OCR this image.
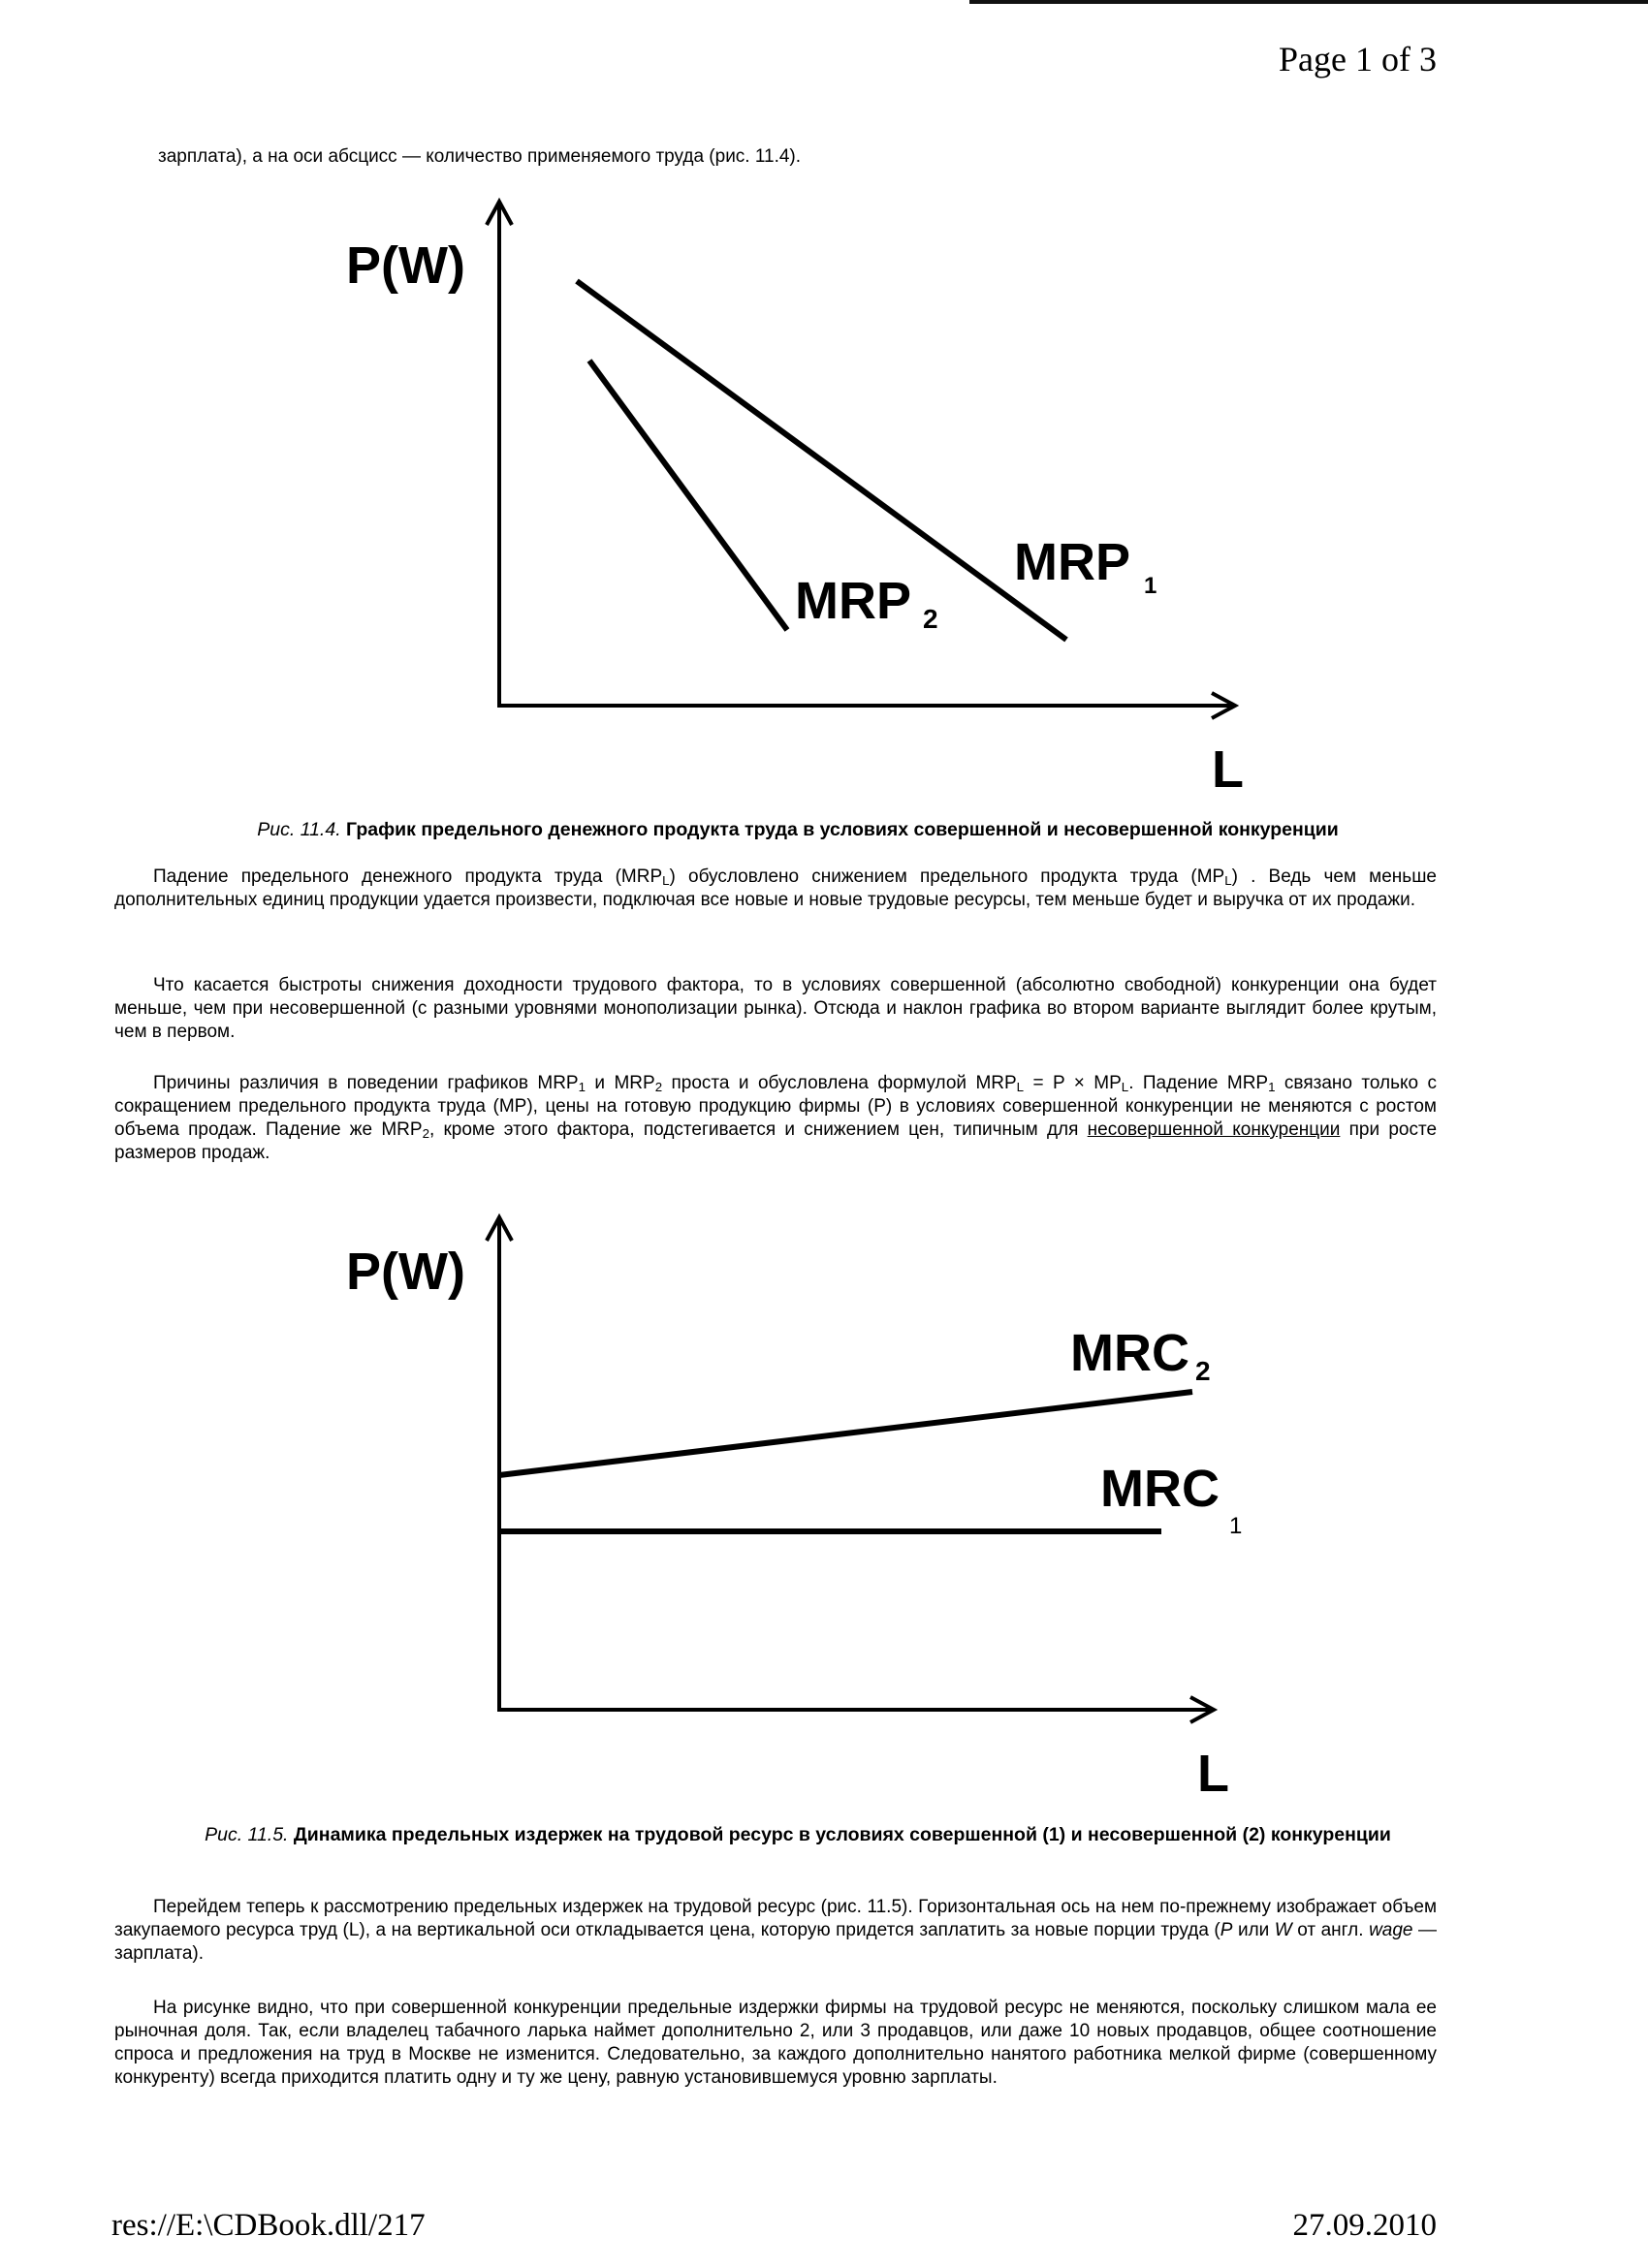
Page 1 of 3
зарплата), а на оси абсцисс — количество применяемого труда (рис. 11.4).
P(W)
L
MRP 1
MRP 2
Рис. 11.4. График предельного денежного продукта труда в условиях совершенной и несовершенной конкуренции

Падение предельного денежного продукта труда $(MRP_L)$ обусловлено снижением предельного продукта труда $(MP_L)$ . Ведь чем меньше дополнительных единиц продукции удается произвести, подключая все новые и новые трудовые ресурсы, тем меньше будет и выручка от их продажи.

Что касается быстроты снижения доходности трудового фактора, то в условиях совершенной (абсолютно свободной) конкуренции она будет меньше, чем при несовершенной (с разными уровнями монополизации рынка). Отсюда и наклон графика во втором варианте выглядит более крутым, чем в первом.

Причины различия в поведении графиков $MRP_1$ и $MRP_2$ проста и обусловлена формулой $MRP_L = P \times MP_L$. Падение $MRP_1$ связано только с сокращением предельного продукта труда (MP), цены на готовую продукцию фирмы (P) в условиях совершенной конкуренции не меняются с ростом объема продаж. Падение же $MRP_2$, кроме этого фактора, подстегивается и снижением цен, типичным для несовершенной конкуренции при росте размеров продаж.

P(W)
L
MRC 2
MRC
1
Рис. 11.5. Динамика предельных издержек на трудовой ресурс в условиях совершенной (1) и несовершенной (2) конкуренции

Перейдем теперь к рассмотрению предельных издержек на трудовой ресурс (рис. 11.5). Горизонтальная ось на нем по-прежнему изображает объем закупаемого ресурса труд (L), а на вертикальной оси откладывается цена, которую придется заплатить за новые порции труда (P или W от англ. wage — зарплата).

На рисунке видно, что при совершенной конкуренции предельные издержки фирмы на трудовой ресурс не меняются, поскольку слишком мала ее рыночная доля. Так, если владелец табачного ларька наймет дополнительно 2, или 3 продавцов, или даже 10 новых продавцов, общее соотношение спроса и предложения на труд в Москве не изменится. Следовательно, за каждого дополнительно нанятого работника мелкой фирме (совершенному конкуренту) всегда приходится платить одну и ту же цену, равную установившемуся уровню зарплаты.

res://E:\CDBook.dll/217	27.09.2010
